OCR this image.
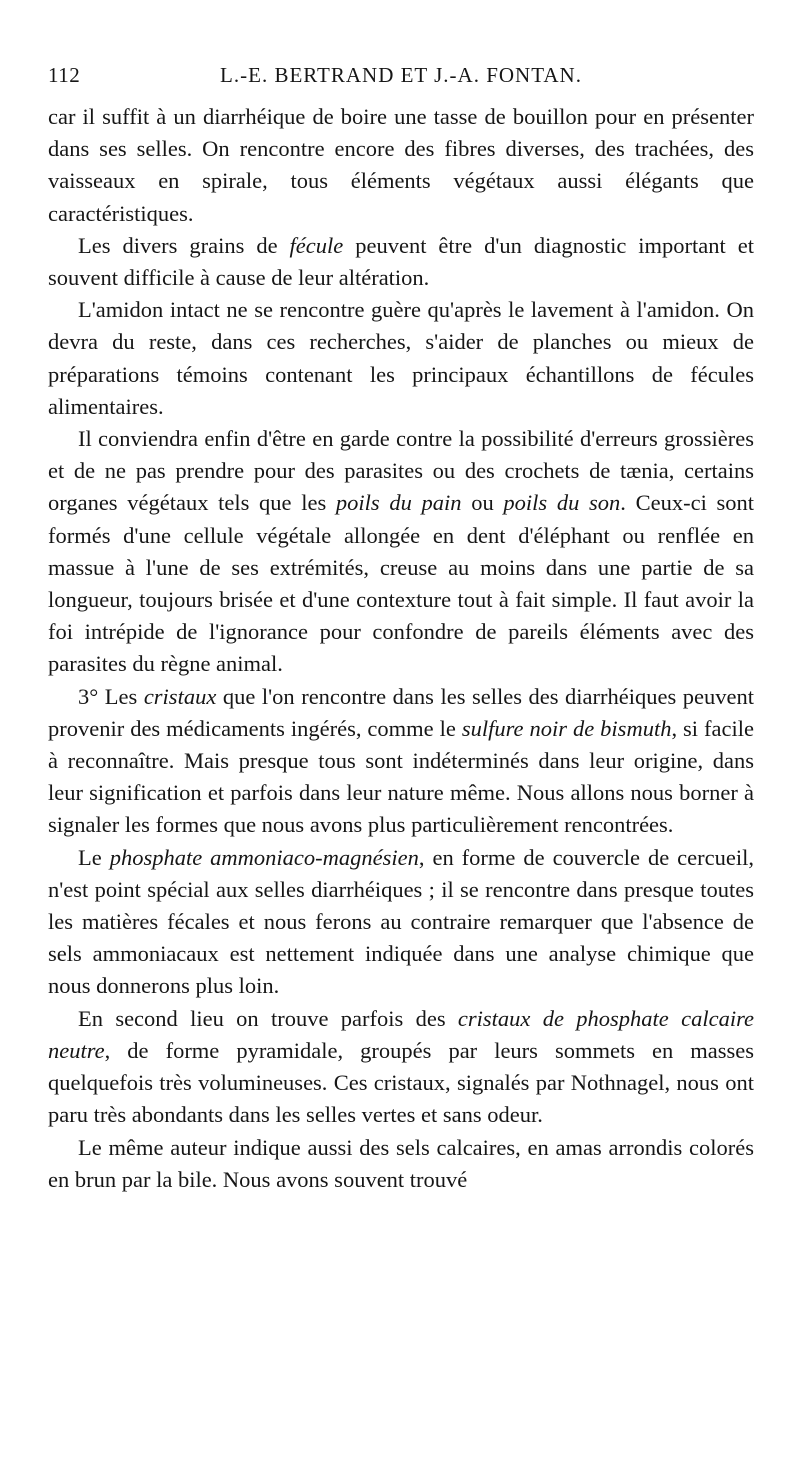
112	L.-E. BERTRAND ET J.-A. FONTAN.

car il suffit à un diarrhéique de boire une tasse de bouillon pour en présenter dans ses selles. On rencontre encore des fibres diverses, des trachées, des vaisseaux en spirale, tous éléments végétaux aussi élégants que caractéristiques.

Les divers grains de fécule peuvent être d'un diagnostic important et souvent difficile à cause de leur altération.

L'amidon intact ne se rencontre guère qu'après le lavement à l'amidon. On devra du reste, dans ces recherches, s'aider de planches ou mieux de préparations témoins contenant les principaux échantillons de fécules alimentaires.

Il conviendra enfin d'être en garde contre la possibilité d'erreurs grossières et de ne pas prendre pour des parasites ou des crochets de tænia, certains organes végétaux tels que les poils du pain ou poils du son. Ceux-ci sont formés d'une cellule végétale allongée en dent d'éléphant ou renflée en massue à l'une de ses extrémités, creuse au moins dans une partie de sa longueur, toujours brisée et d'une contexture tout à fait simple. Il faut avoir la foi intrépide de l'ignorance pour confondre de pareils éléments avec des parasites du règne animal.

3° Les cristaux que l'on rencontre dans les selles des diarrhéiques peuvent provenir des médicaments ingérés, comme le sulfure noir de bismuth, si facile à reconnaître. Mais presque tous sont indéterminés dans leur origine, dans leur signification et parfois dans leur nature même. Nous allons nous borner à signaler les formes que nous avons plus particulièrement rencontrées.

Le phosphate ammoniaco-magnésien, en forme de couvercle de cercueil, n'est point spécial aux selles diarrhéiques ; il se rencontre dans presque toutes les matières fécales et nous ferons au contraire remarquer que l'absence de sels ammoniacaux est nettement indiquée dans une analyse chimique que nous donnerons plus loin.

En second lieu on trouve parfois des cristaux de phosphate calcaire neutre, de forme pyramidale, groupés par leurs sommets en masses quelquefois très volumineuses. Ces cristaux, signalés par Nothnagel, nous ont paru très abondants dans les selles vertes et sans odeur.

Le même auteur indique aussi des sels calcaires, en amas arrondis colorés en brun par la bile. Nous avons souvent trouvé
